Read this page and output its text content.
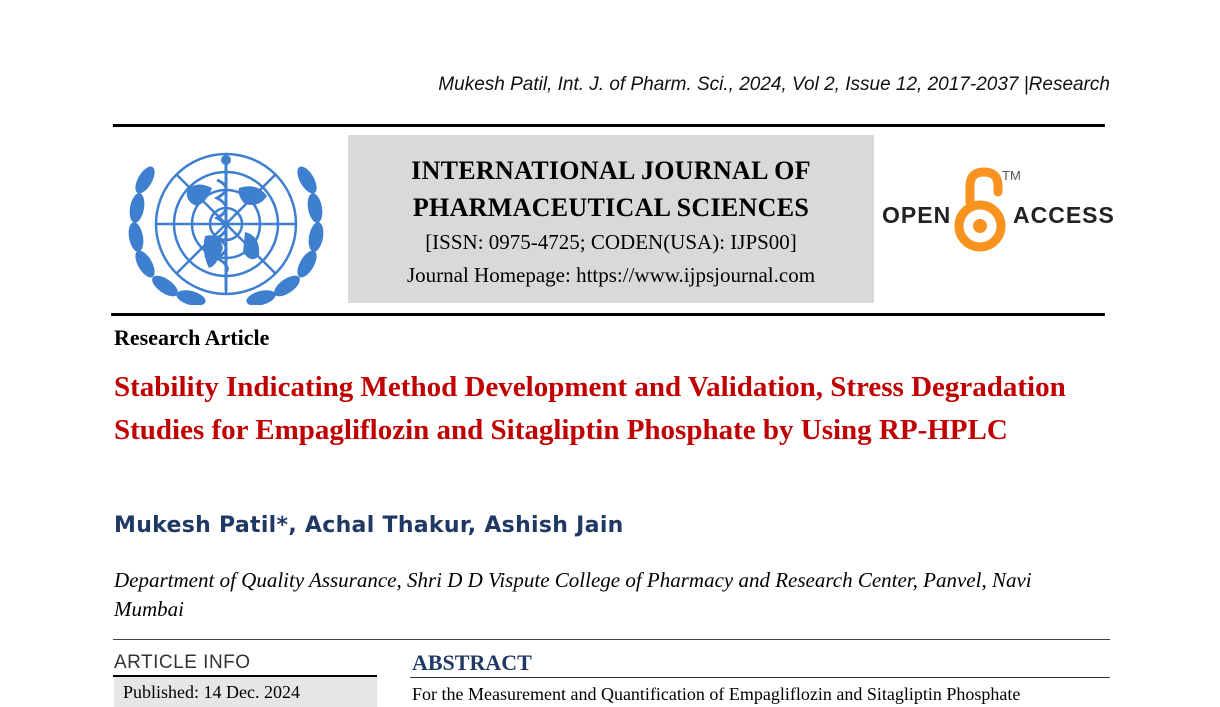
Mukesh Patil, Int. J. of Pharm. Sci., 2024, Vol 2, Issue 12, 2017-2037 |Research
INTERNATIONAL JOURNAL OF
PHARMACEUTICAL SCIENCES
[ISSN: 0975-4725; CODEN(USA): IJPS00]
Journal Homepage: https://www.ijpsjournal.com
OPEN
TM
ACCESS
Research Article
Stability Indicating Method Development and Validation, Stress Degradation Studies for Empagliflozin and Sitagliptin Phosphate by Using RP-HPLC
Mukesh Patil*, Achal Thakur, Ashish Jain
Department of Quality Assurance, Shri D D Vispute College of Pharmacy and Research Center, Panvel, Navi Mumbai
ARTICLE INFO
Published: 14 Dec. 2024
ABSTRACT
For the Measurement and Quantification of Empagliflozin and Sitagliptin Phosphate
